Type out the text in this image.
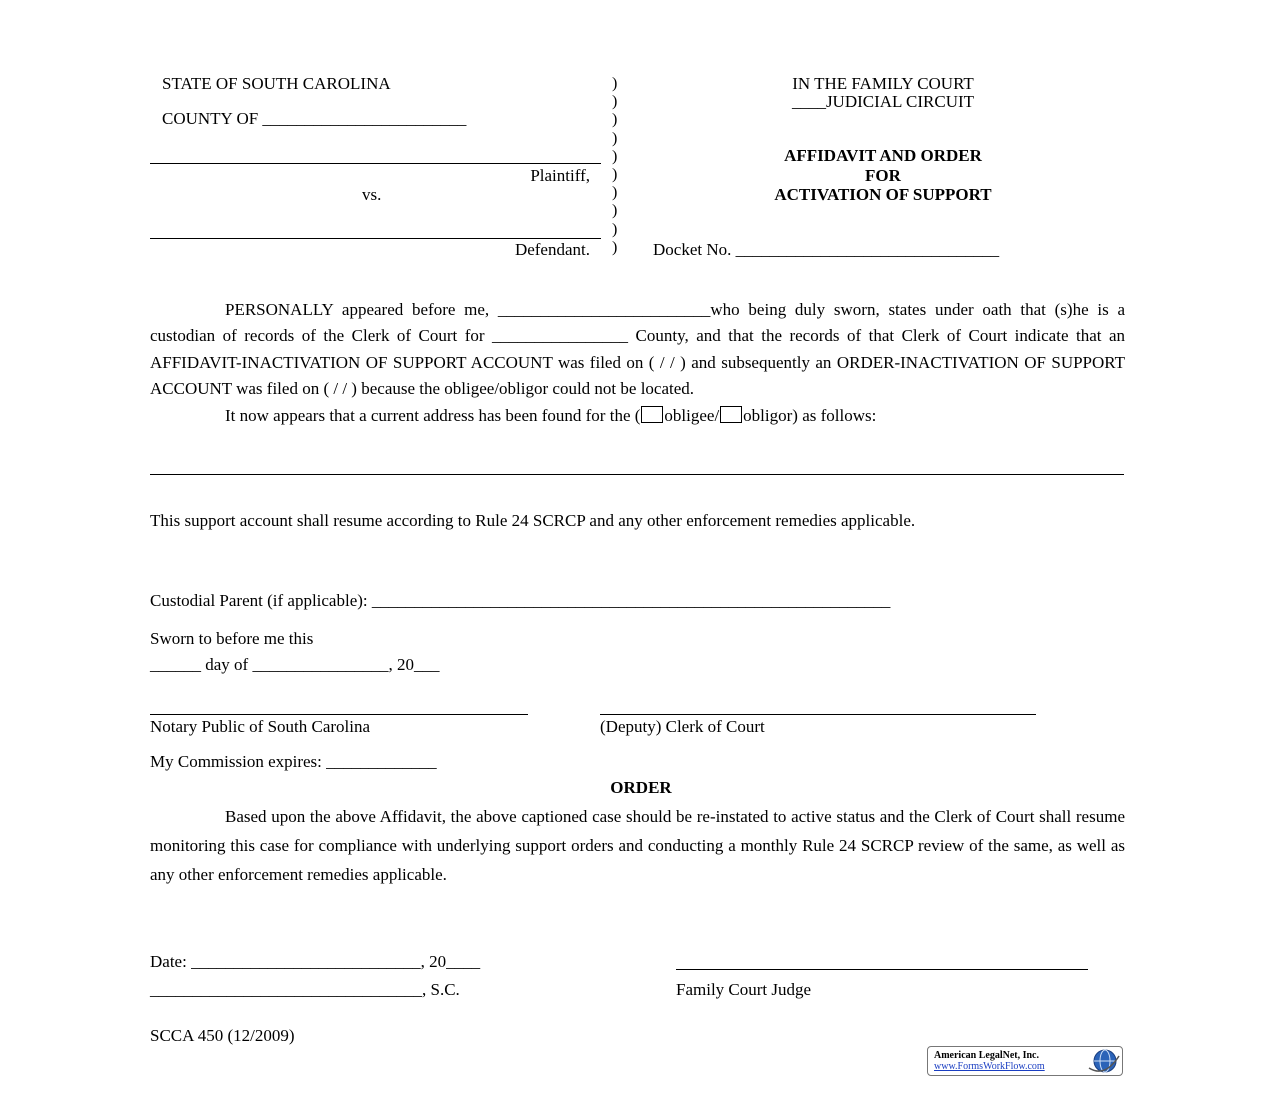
STATE OF SOUTH CAROLINA
COUNTY OF ________________________
Plaintiff,
vs.
Defendant.
)
)
)
)
)
)
)
)
)
)
IN THE FAMILY COURT
____JUDICIAL CIRCUIT
AFFIDAVIT AND ORDER
FOR
ACTIVATION OF SUPPORT
Docket No. _______________________________

PERSONALLY appeared before me, _________________________who being duly sworn, states under oath that (s)he is a custodian of records of the Clerk of Court for ________________ County, and that the records of that Clerk of Court indicate that an AFFIDAVIT-INACTIVATION OF SUPPORT ACCOUNT was filed on ( / / ) and subsequently an ORDER-INACTIVATION OF SUPPORT ACCOUNT was filed on ( / / ) because the obligee/obligor could not be located.

It now appears that a current address has been found for the ( obligee/ obligor) as follows:

This support account shall resume according to Rule 24 SCRCP and any other enforcement remedies applicable.

Custodial Parent (if applicable): _____________________________________________________________
Sworn to before me this
______ day of ________________, 20___
Notary Public of South Carolina	(Deputy) Clerk of Court
My Commission expires: _____________
ORDER

Based upon the above Affidavit, the above captioned case should be re-instated to active status and the Clerk of Court shall resume monitoring this case for compliance with underlying support orders and conducting a monthly Rule 24 SCRCP review of the same, as well as any other enforcement remedies applicable.

Date: ___________________________, 20____
________________________________, S.C.	Family Court Judge
SCCA 450 (12/2009)
American LegalNet, Inc.
www.FormsWorkFlow.com
